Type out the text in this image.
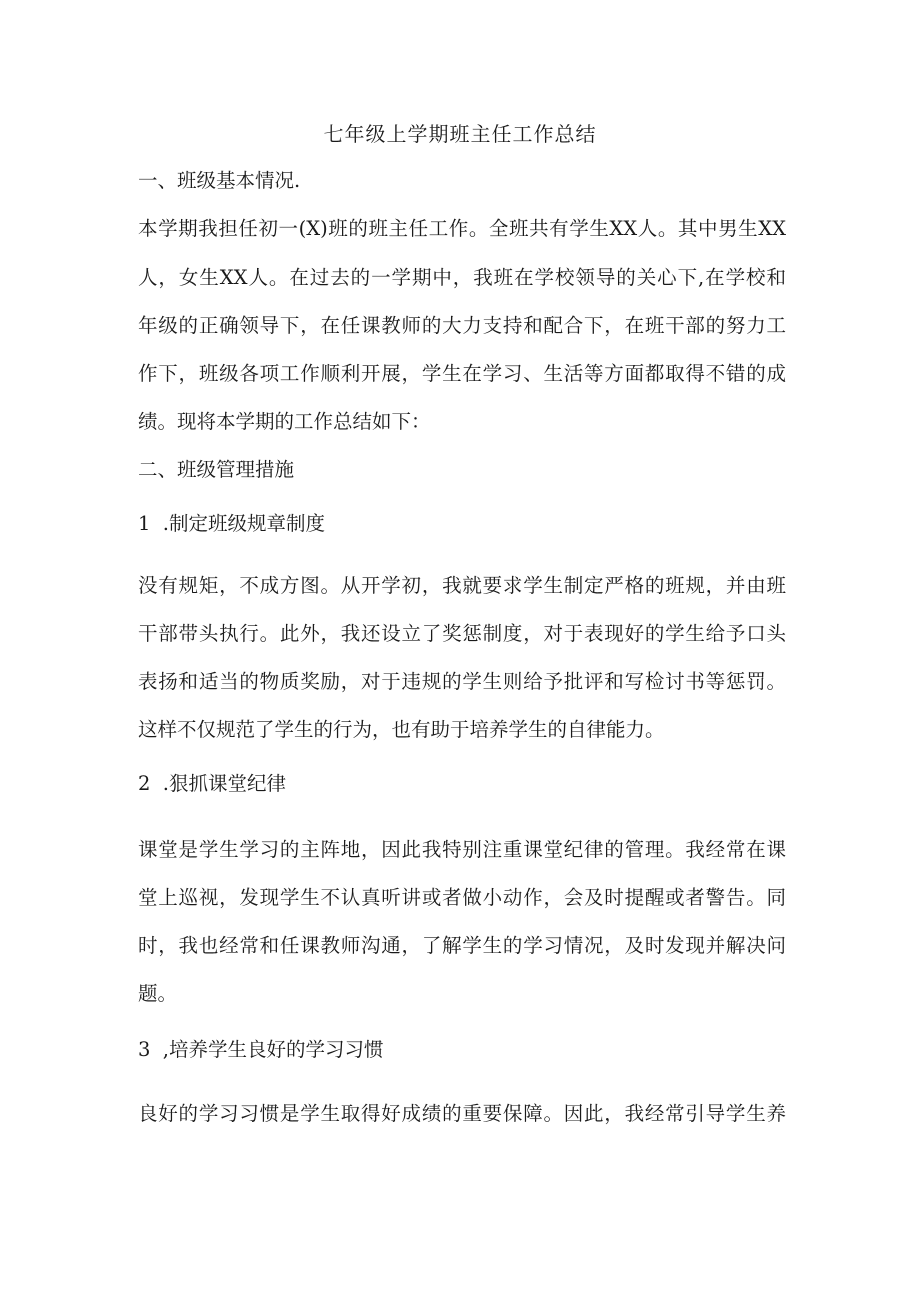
七年级上学期班主任工作总结
一、班级基本情况.
本学期我担任初一(X)班的班主任工作。全班共有学生XX人。其中男生XX
人，女生XX人。在过去的一学期中，我班在学校领导的关心下,在学校和
年级的正确领导下，在任课教师的大力支持和配合下，在班干部的努力工
作下，班级各项工作顺利开展，学生在学习、生活等方面都取得不错的成
绩。现将本学期的工作总结如下：
二、班级管理措施
1  .制定班级规章制度
没有规矩，不成方图。从开学初，我就要求学生制定严格的班规，并由班
干部带头执行。此外，我还设立了奖惩制度，对于表现好的学生给予口头
表扬和适当的物质奖励，对于违规的学生则给予批评和写检讨书等惩罚。
这样不仅规范了学生的行为，也有助于培养学生的自律能力。
2  .狠抓课堂纪律
课堂是学生学习的主阵地，因此我特别注重课堂纪律的管理。我经常在课
堂上巡视，发现学生不认真听讲或者做小动作，会及时提醒或者警告。同
时，我也经常和任课教师沟通，了解学生的学习情况，及时发现并解决问
题。
3  ,培养学生良好的学习习惯
良好的学习习惯是学生取得好成绩的重要保障。因此，我经常引导学生养
